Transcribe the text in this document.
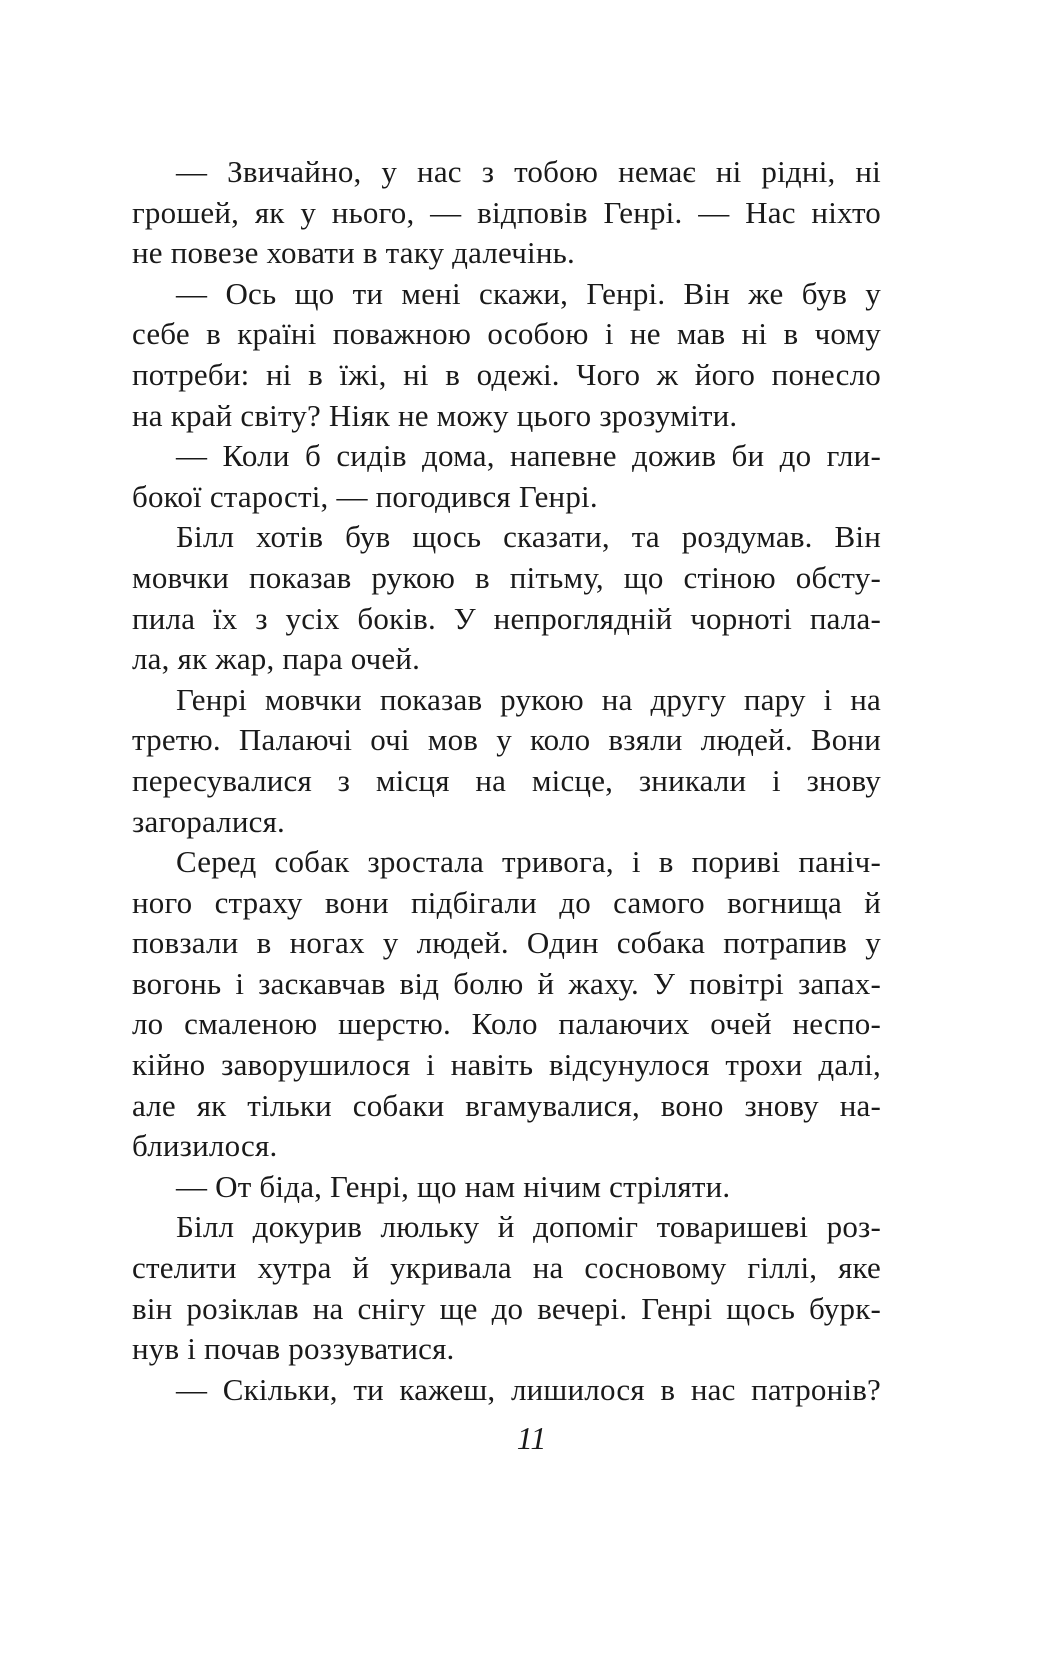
— Звичайно, у нас з тобою немає ні рідні, ні
грошей, як у нього, — відповів Генрі. — Нас ніхто
не повезе ховати в таку далечінь.
— Ось що ти мені скажи, Генрі. Він же був у
себе в країні поважною особою і не мав ні в чому
потреби: ні в їжі, ні в одежі. Чого ж його понесло
на край світу? Ніяк не можу цього зрозуміти.
— Коли б сидів дома, напевне дожив би до гли-
бокої старості, — погодився Генрі.
Білл хотів був щось сказати, та роздумав. Він
мовчки показав рукою в пітьму, що стіною обсту-
пила їх з усіх боків. У непроглядній чорноті пала-
ла, як жар, пара очей.
Генрі мовчки показав рукою на другу пару і на
третю. Палаючі очі мов у коло взяли людей. Вони
пересувалися з місця на місце, зникали і знову
загоралися.
Серед собак зростала тривога, і в пориві паніч-
ного страху вони підбігали до самого вогнища й
повзали в ногах у людей. Один собака потрапив у
вогонь і заскавчав від болю й жаху. У повітрі запах-
ло смаленою шерстю. Коло палаючих очей неспо-
кійно заворушилося і навіть відсунулося трохи далі,
але як тільки собаки вгамувалися, воно знову на-
близилося.
— От біда, Генрі, що нам нічим стріляти.
Білл докурив люльку й допоміг товаришеві роз-
стелити хутра й укривала на сосновому гіллі, яке
він розіклав на снігу ще до вечері. Генрі щось бурк-
нув і почав роззуватися.
— Скільки, ти кажеш, лишилося в нас патронів?
11
